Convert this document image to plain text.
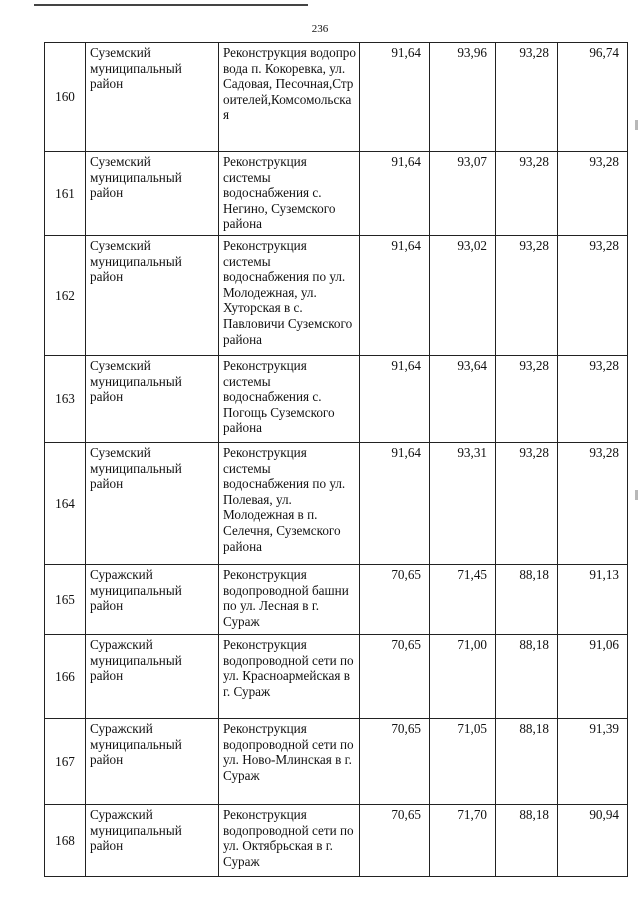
236
160	Суземский муниципальный район	Реконструкция водопровода п. Кокоревка, ул. Садовая, Песочная,Строителей,Комсомольская	91,64	93,96	93,28	96,74
161	Суземский муниципальный район	Реконструкция системы водоснабжения с. Негино, Суземского района	91,64	93,07	93,28	93,28
162	Суземский муниципальный район	Реконструкция системы водоснабжения по ул. Молодежная, ул. Хуторская в с. Павловичи Суземского района	91,64	93,02	93,28	93,28
163	Суземский муниципальный район	Реконструкция системы водоснабжения с. Погощь Суземского района	91,64	93,64	93,28	93,28
164	Суземский муниципальный район	Реконструкция системы водоснабжения по ул. Полевая, ул. Молодежная в п. Селечня, Суземского района	91,64	93,31	93,28	93,28
165	Суражский муниципальный район	Реконструкция водопроводной башни по ул. Лесная в г. Сураж	70,65	71,45	88,18	91,13
166	Суражский муниципальный район	Реконструкция водопроводной сети по ул. Красноармейская в г. Сураж	70,65	71,00	88,18	91,06
167	Суражский муниципальный район	Реконструкция водопроводной сети по ул. Ново-Млинская в г. Сураж	70,65	71,05	88,18	91,39
168	Суражский муниципальный район	Реконструкция водопроводной сети по ул. Октябрьская в г. Сураж	70,65	71,70	88,18	90,94
